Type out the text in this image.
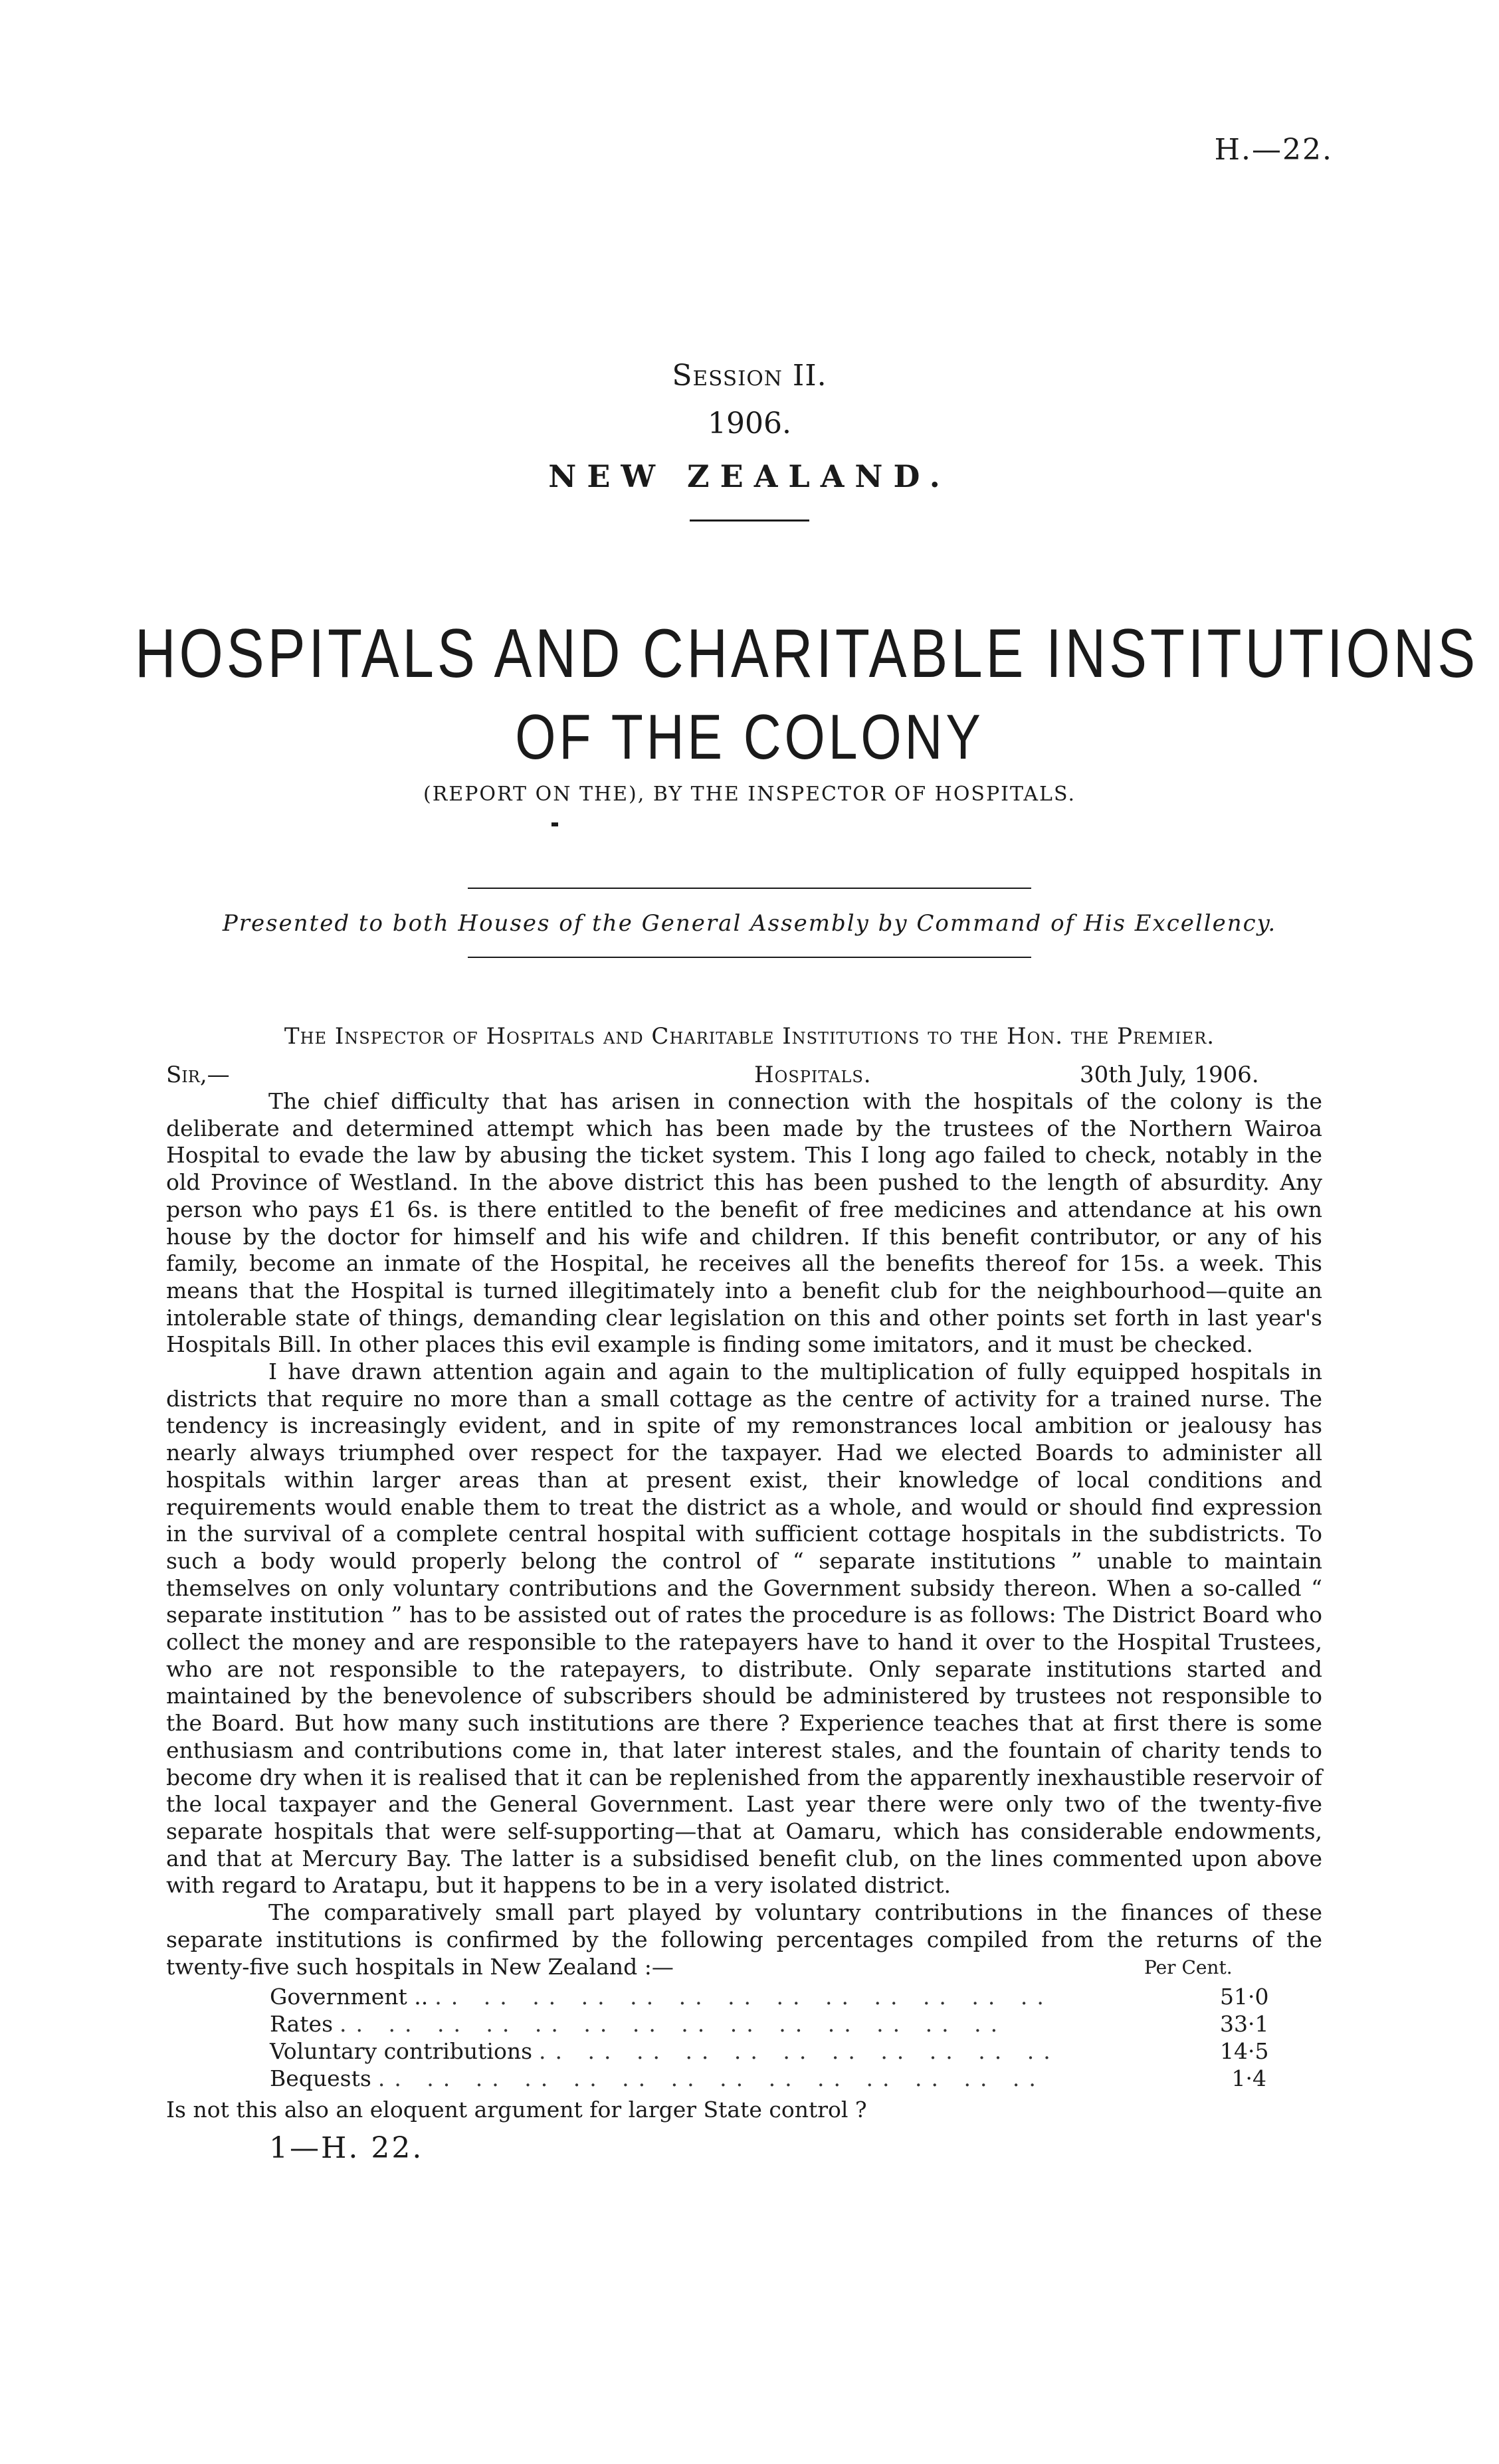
H.—22.
Session II.
1906.
NEW ZEALAND.
HOSPITALS AND CHARITABLE INSTITUTIONS
OF THE COLONY
(REPORT ON THE), BY THE INSPECTOR OF HOSPITALS.
Presented to both Houses of the General Assembly by Command of His Excellency.
The Inspector of Hospitals and Charitable Institutions to the Hon. the Premier.
Sir,—	Hospitals.	30th July, 1906.

The chief difficulty that has arisen in connection with the hospitals of the colony is the deliberate and determined attempt which has been made by the trustees of the Northern Wairoa Hospital to evade the law by abusing the ticket system. This I long ago failed to check, notably in the old Province of Westland. In the above district this has been pushed to the length of absurdity. Any person who pays £1 6s. is there entitled to the benefit of free medicines and attendance at his own house by the doctor for himself and his wife and children. If this benefit contributor, or any of his family, become an inmate of the Hospital, he receives all the benefits thereof for 15s. a week. This means that the Hospital is turned illegitimately into a benefit club for the neighbourhood—quite an intolerable state of things, demanding clear legislation on this and other points set forth in last year's Hospitals Bill. In other places this evil example is finding some imitators, and it must be checked.

I have drawn attention again and again to the multiplication of fully equipped hospitals in districts that require no more than a small cottage as the centre of activity for a trained nurse. The tendency is increasingly evident, and in spite of my remonstrances local ambition or jealousy has nearly always triumphed over respect for the taxpayer. Had we elected Boards to administer all hospitals within larger areas than at present exist, their knowledge of local conditions and requirements would enable them to treat the district as a whole, and would or should find expression in the survival of a complete central hospital with sufficient cottage hospitals in the subdistricts. To such a body would properly belong the control of “ separate institutions ” unable to maintain themselves on only voluntary contributions and the Government subsidy thereon. When a so-called “ separate institution ” has to be assisted out of rates the procedure is as follows: The District Board who collect the money and are responsible to the ratepayers have to hand it over to the Hospital Trustees, who are not responsible to the ratepayers, to distribute. Only separate institutions started and maintained by the benevolence of subscribers should be administered by trustees not responsible to the Board. But how many such institutions are there ? Experience teaches that at first there is some enthusiasm and contributions come in, that later interest stales, and the fountain of charity tends to become dry when it is realised that it can be replenished from the apparently inexhaustible reservoir of the local taxpayer and the General Government. Last year there were only two of the twenty-five separate hospitals that were self-supporting—that at Oamaru, which has considerable endowments, and that at Mercury Bay. The latter is a subsidised benefit club, on the lines commented upon above with regard to Aratapu, but it happens to be in a very isolated district.

The comparatively small part played by voluntary contributions in the finances of these separate institutions is confirmed by the following percentages compiled from the returns of the twenty-five such hospitals in New Zealand :—	Per Cent.
Government .. .. .. .. .. .. .. .. .. .. .. .. .. ..	51·0
Rates .. .. .. .. .. .. .. .. .. .. .. .. .. ..	33·1
Voluntary contributions .. .. .. .. .. .. .. .. .. .. ..	14·5
Bequests .. .. .. .. .. .. .. .. .. .. .. .. .. ..	1·4
Is not this also an eloquent argument for larger State control ?
1—H. 22.
